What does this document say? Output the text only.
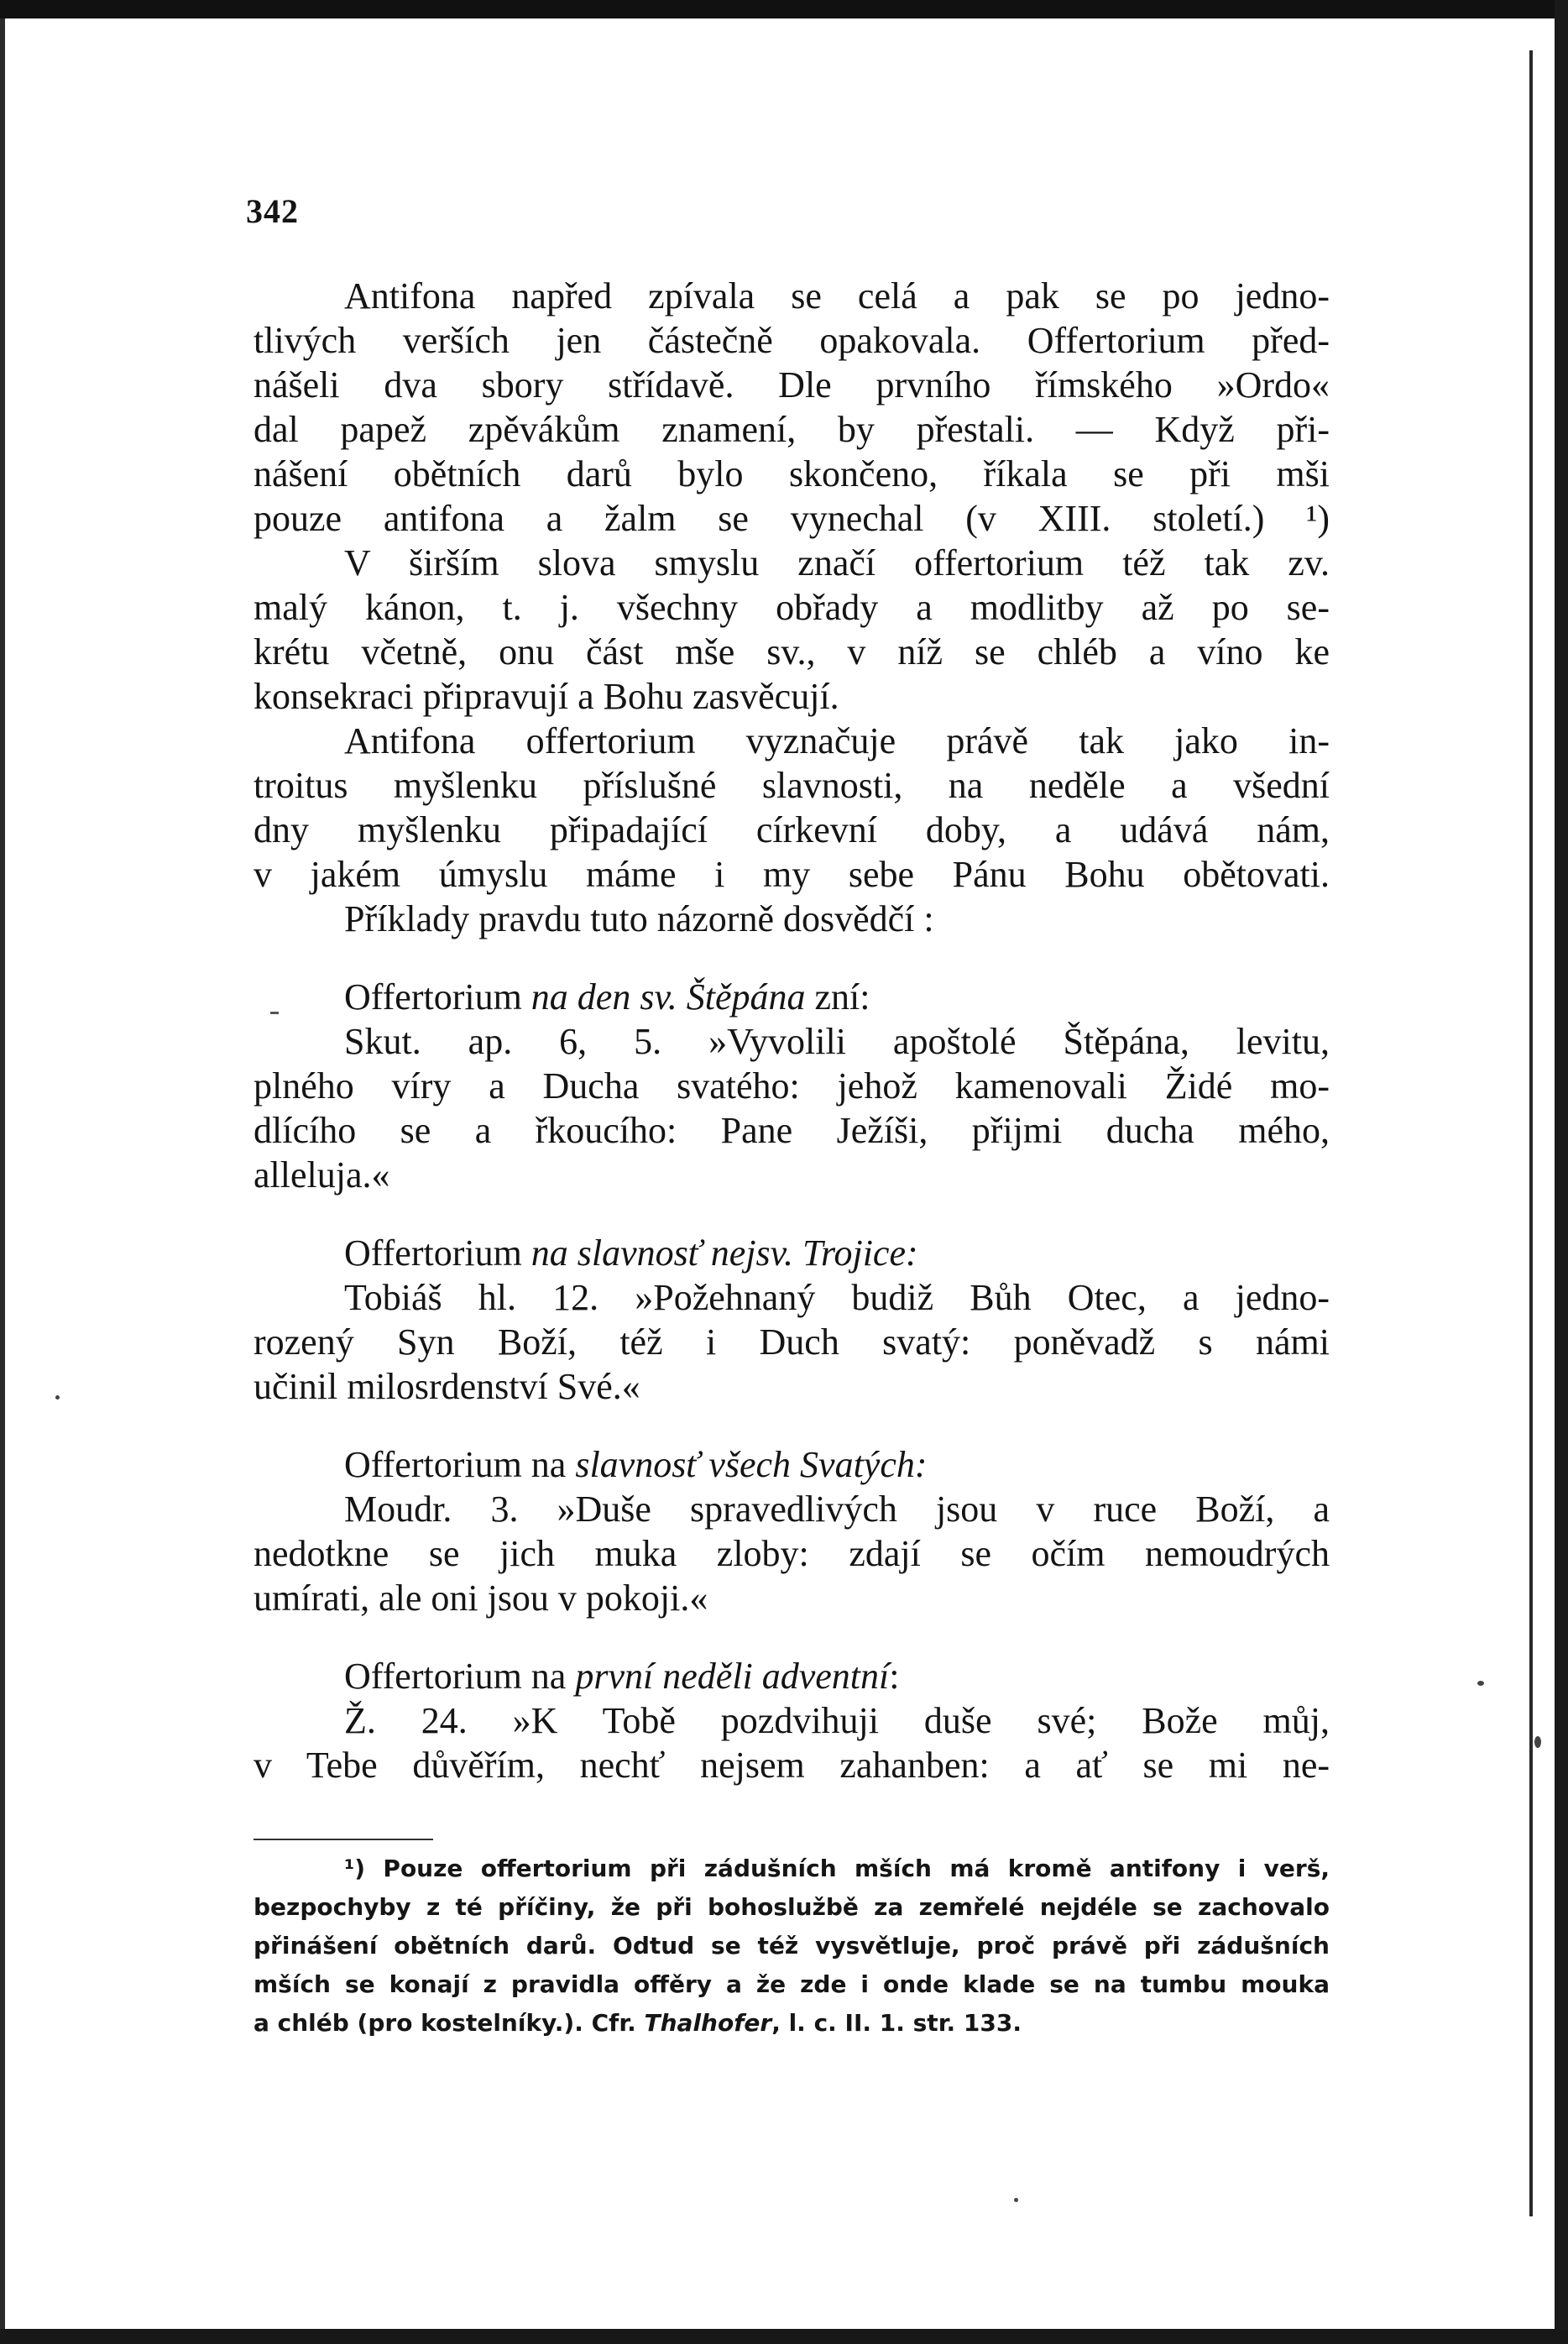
342

Antifona napřed zpívala se celá a pak se po jedno-
tlivých verších jen částečně opakovala. Offertorium před-
nášeli dva sbory střídavě. Dle prvního římského »Ordo«
dal papež zpěvákům znamení, by přestali. — Když při-
nášení obětních darů bylo skončeno, říkala se při mši
pouze antifona a žalm se vynechal (v XIII. století.) ¹)

V širším slova smyslu značí offertorium též tak zv.
malý kánon, t. j. všechny obřady a modlitby až po se-
krétu včetně, onu část mše sv., v níž se chléb a víno ke
konsekraci připravují a Bohu zasvěcují.

Antifona offertorium vyznačuje právě tak jako in-
troitus myšlenku příslušné slavnosti, na neděle a všední
dny myšlenku připadající církevní doby, a udává nám,
v jakém úmyslu máme i my sebe Pánu Bohu obětovati.

Příklady pravdu tuto názorně dosvědčí :

Offertorium na den sv. Štěpána zní:

Skut. ap. 6, 5. »Vyvolili apoštolé Štěpána, levitu,
plného víry a Ducha svatého: jehož kamenovali Židé mo-
dlícího se a řkoucího: Pane Ježíši, přijmi ducha mého,
alleluja.«

Offertorium na slavnosť nejsv. Trojice:

Tobiáš hl. 12. »Požehnaný budiž Bůh Otec, a jedno-
rozený Syn Boží, též i Duch svatý: poněvadž s námi
učinil milosrdenství Své.«

Offertorium na slavnosť všech Svatých:

Moudr. 3. »Duše spravedlivých jsou v ruce Boží, a
nedotkne se jich muka zloby: zdají se očím nemoudrých
umírati, ale oni jsou v pokoji.«

Offertorium na první neděli adventní:

Ž. 24. »K Tobě pozdvihuji duše své; Bože můj,
v Tebe důvěřím, nechť nejsem zahanben: a ať se mi ne-

¹) Pouze offertorium při zádušních mších má kromě antifony i verš,
bezpochyby z té příčiny, že při bohoslužbě za zemřelé nejdéle se zachovalo
přinášení obětních darů. Odtud se též vysvětluje, proč právě při zádušních
mších se konají z pravidla offěry a že zde i onde klade se na tumbu mouka
a chléb (pro kostelníky.). Cfr. Thalhofer, l. c. II. 1. str. 133.
